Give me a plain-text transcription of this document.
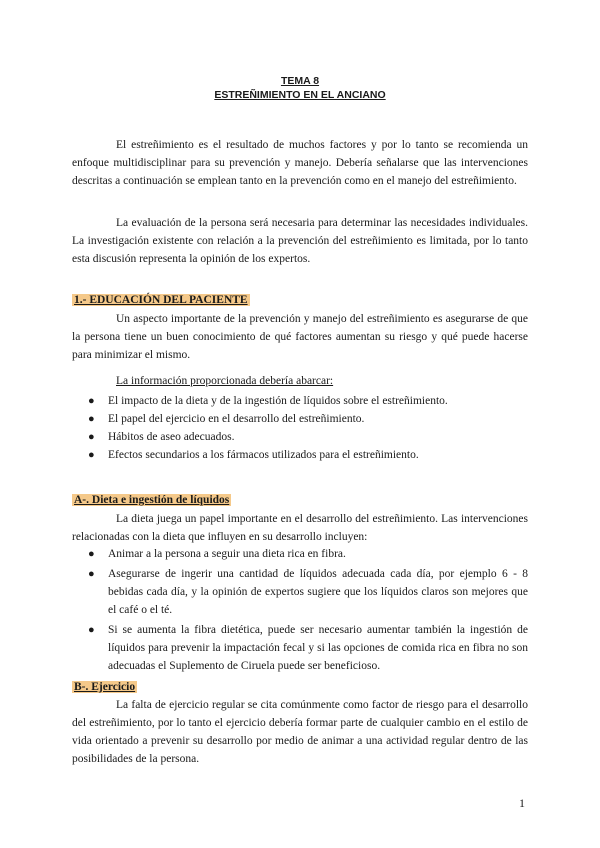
TEMA 8
ESTREÑIMIENTO EN EL ANCIANO
El estreñimiento es el resultado de muchos factores y por lo tanto se recomienda un enfoque multidisciplinar para su prevención y manejo. Debería señalarse que las intervenciones descritas a continuación se emplean tanto en la prevención como en el manejo del estreñimiento.
La evaluación de la persona será necesaria para determinar las necesidades individuales. La investigación existente con relación a la prevención del estreñimiento es limitada, por lo tanto esta discusión representa la opinión de los expertos.
1.- EDUCACIÓN DEL PACIENTE
Un aspecto importante de la prevención y manejo del estreñimiento es asegurarse de que la persona tiene un buen conocimiento de qué factores aumentan su riesgo y qué puede hacerse para minimizar el mismo.
La información proporcionada debería abarcar:
● El impacto de la dieta y de la ingestión de líquidos sobre el estreñimiento.
● El papel del ejercicio en el desarrollo del estreñimiento.
● Hábitos de aseo adecuados.
● Efectos secundarios a los fármacos utilizados para el estreñimiento.
A-. Dieta e ingestión de líquidos
La dieta juega un papel importante en el desarrollo del estreñimiento. Las intervenciones relacionadas con la dieta que influyen en su desarrollo incluyen:
● Animar a la persona a seguir una dieta rica en fibra.
● Asegurarse de ingerir una cantidad de líquidos adecuada cada día, por ejemplo 6 - 8 bebidas cada día, y la opinión de expertos sugiere que los líquidos claros son mejores que el café o el té.
● Si se aumenta la fibra dietética, puede ser necesario aumentar también la ingestión de líquidos para prevenir la impactación fecal y si las opciones de comida rica en fibra no son adecuadas el Suplemento de Ciruela puede ser beneficioso.
B-. Ejercicio
La falta de ejercicio regular se cita comúnmente como factor de riesgo para el desarrollo del estreñimiento, por lo tanto el ejercicio debería formar parte de cualquier cambio en el estilo de vida orientado a prevenir su desarrollo por medio de animar a una actividad regular dentro de las posibilidades de la persona.
1
